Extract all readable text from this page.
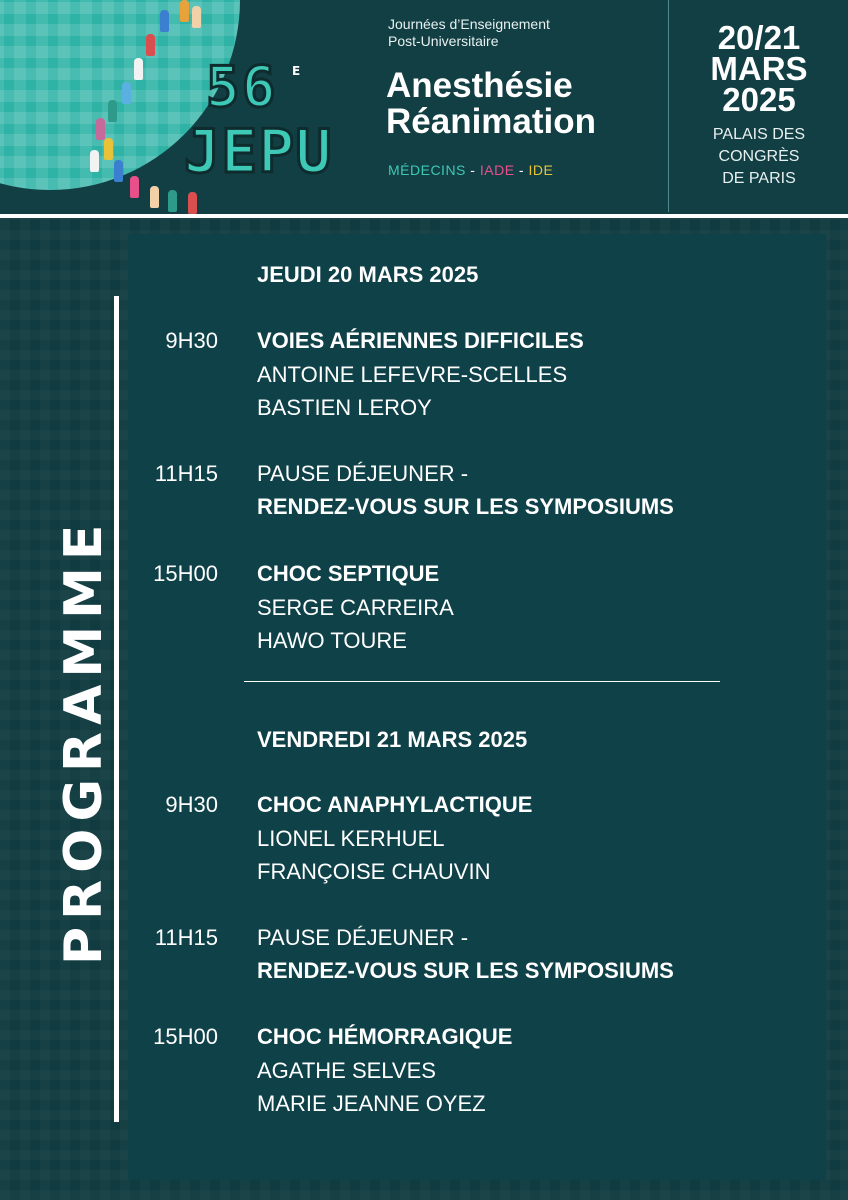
56 E
JEPU
Journées d’Enseignement
Post-Universitaire
Anesthésie
Réanimation
MÉDECINS - IADE - IDE
20/21
MARS
2025
PALAIS DES
CONGRÈS
DE PARIS
PROGRAMME
JEUDI 20 MARS 2025
9H30 VOIES AÉRIENNES DIFFICILES
ANTOINE LEFEVRE-SCELLES
BASTIEN LEROY
11H15 PAUSE DÉJEUNER -
RENDEZ-VOUS SUR LES SYMPOSIUMS
15H00 CHOC SEPTIQUE
SERGE CARREIRA
HAWO TOURE
VENDREDI 21 MARS 2025
9H30 CHOC ANAPHYLACTIQUE
LIONEL KERHUEL
FRANÇOISE CHAUVIN
11H15 PAUSE DÉJEUNER -
RENDEZ-VOUS SUR LES SYMPOSIUMS
15H00 CHOC HÉMORRAGIQUE
AGATHE SELVES
MARIE JEANNE OYEZ
